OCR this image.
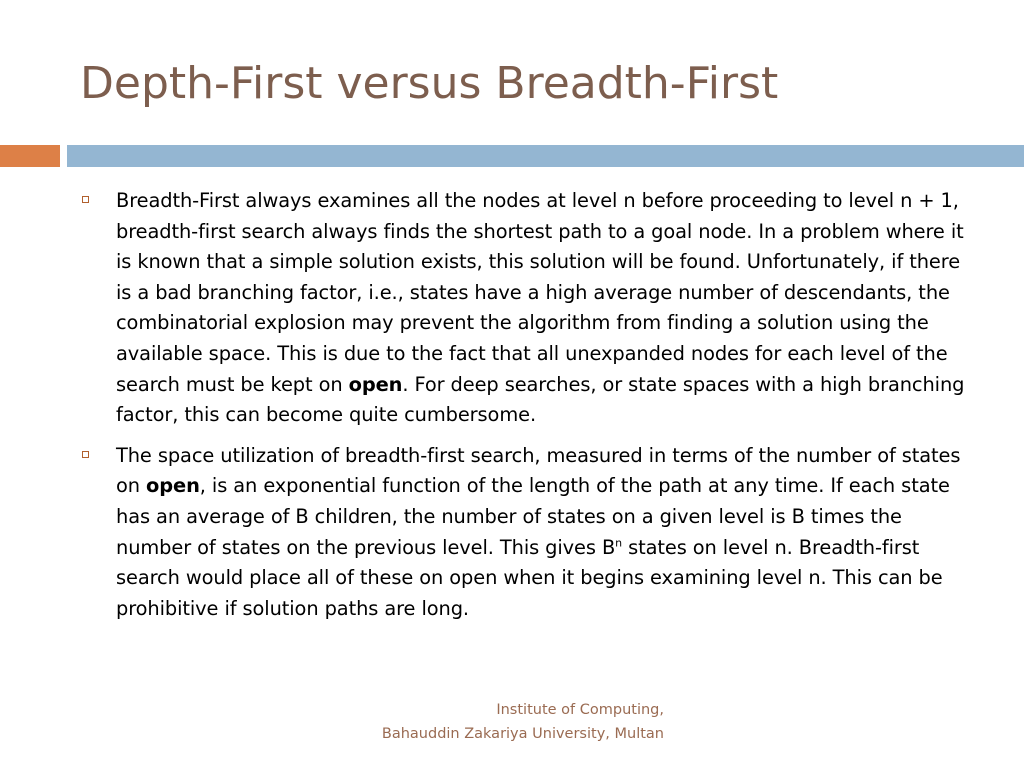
Depth-First versus Breadth-First
Breadth-First always examines all the nodes at level n before proceeding to level n + 1, breadth-first search always finds the shortest path to a goal node. In a problem where it is known that a simple solution exists, this solution will be found. Unfortunately, if there is a bad branching factor, i.e., states have a high average number of descendants, the combinatorial explosion may prevent the algorithm from finding a solution using the available space. This is due to the fact that all unexpanded nodes for each level of the search must be kept on open. For deep searches, or state spaces with a high branching factor, this can become quite cumbersome.
The space utilization of breadth-first search, measured in terms of the number of states on open, is an exponential function of the length of the path at any time. If each state has an average of B children, the number of states on a given level is B times the number of states on the previous level. This gives $B^n$ states on level n. Breadth-first search would place all of these on open when it begins examining level n. This can be prohibitive if solution paths are long.
Institute of Computing,
Bahauddin Zakariya University, Multan
